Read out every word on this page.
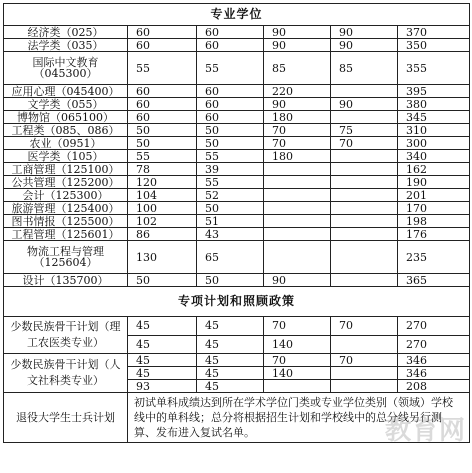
专业学位					
经济类（025）	60	60	90	90	370
法学类（035）	60	60	90	90	350
国际中文教育（045300）	55	55	85	85	355
应用心理（045400）	60	60	220		395
文学类（055）	60	60	90	90	380
博物馆（065100）	60	60	180		345
工程类（085、086）	50	50	70	75	310
农业（0951）	50	50	70	70	300
医学类（105）	55	55	180		340
工商管理（125100）	78	39			162
公共管理（125200）	120	55			190
会计（125300）	104	52			201
旅游管理（125400）	100	50			170
图书情报（125500）	102	51			198
工程管理（125601）	86	43			176
物流工程与管理（125604）	130	65			235
设计（135700）	50	50	90		365
专项计划和照顾政策					
少数民族骨干计划（理工农医类专业）	45	45	70	70	270
	45	45	140		270
少数民族骨干计划（人文社科类专业）	45	45	70	70	346
	45	45	140		346
	93	45			208
退役大学生士兵计划	初试单科成绩达到所在学术学位门类或专业学位类别（领域）学校线中的单科线；总分将根据招生计划和学校线中的总分线另行测算、发布进入复试名单。					教育网
